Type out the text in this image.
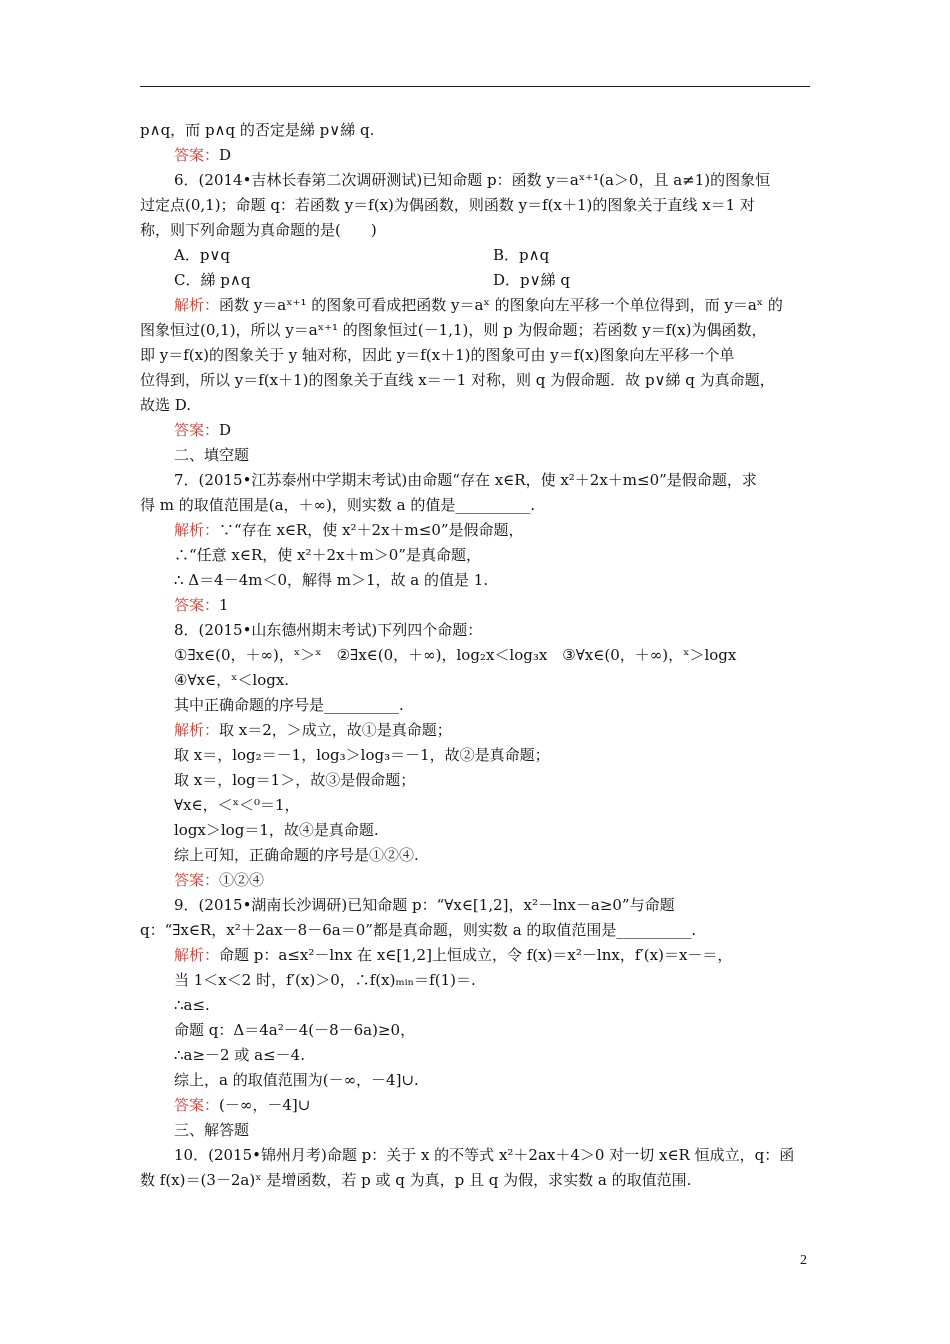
p∧q，而 p∧q 的否定是綈 p∨綈 q.
答案：D
6．(2014•吉林长春第二次调研测试)已知命题 p：函数 y＝aˣ⁺¹(a＞0，且 a≠1)的图象恒
过定点(0,1)；命题 q：若函数 y＝f(x)为偶函数，则函数 y＝f(x＋1)的图象关于直线 x＝1 对
称，则下列命题为真命题的是(　　)
A．p∨q	B．p∧q
C．綈 p∧q	D．p∨綈 q
解析：函数 y＝aˣ⁺¹ 的图象可看成把函数 y＝aˣ 的图象向左平移一个单位得到，而 y＝aˣ 的
图象恒过(0,1)，所以 y＝aˣ⁺¹ 的图象恒过(－1,1)，则 p 为假命题；若函数 y＝f(x)为偶函数，
即 y＝f(x)的图象关于 y 轴对称，因此 y＝f(x＋1)的图象可由 y＝f(x)图象向左平移一个单
位得到，所以 y＝f(x＋1)的图象关于直线 x＝－1 对称，则 q 为假命题．故 p∨綈 q 为真命题，
故选 D.
答案：D
二、填空题
7．(2015•江苏泰州中学期末考试)由命题“存在 x∈R，使 x²＋2x＋m≤0”是假命题，求
得 m 的取值范围是(a，＋∞)，则实数 a 的值是__________.
解析：∵“存在 x∈R，使 x²＋2x＋m≤0”是假命题，
∴“任意 x∈R，使 x²＋2x＋m＞0”是真命题，
∴ Δ＝4－4m＜0，解得 m＞1，故 a 的值是 1.
答案：1
8．(2015•山东德州期末考试)下列四个命题：
①∃x∈(0，＋∞)，ˣ＞ˣ　②∃x∈(0，＋∞)，log₂x＜log₃x　③∀x∈(0，＋∞)，ˣ＞logx
④∀x∈，ˣ＜logx.
其中正确命题的序号是__________.
解析：取 x＝2，＞成立，故①是真命题；
取 x＝，log₂＝－1，log₃＞log₃＝－1，故②是真命题；
取 x＝，log＝1＞，故③是假命题；
∀x∈，＜ˣ＜⁰＝1，
logx＞log＝1，故④是真命题.
综上可知，正确命题的序号是①②④.
答案：①②④
9．(2015•湖南长沙调研)已知命题 p：“∀x∈[1,2]，x²－lnx－a≥0”与命题
q：“∃x∈R，x²＋2ax－8－6a＝0”都是真命题，则实数 a 的取值范围是__________.
解析：命题 p：a≤x²－lnx 在 x∈[1,2]上恒成立，令 f(x)＝x²－lnx，f′(x)＝x－＝，
当 1＜x＜2 时，f′(x)＞0，∴f(x)ₘᵢₙ＝f(1)＝.
∴a≤.
命题 q：Δ＝4a²－4(－8－6a)≥0，
∴a≥－2 或 a≤－4.
综上，a 的取值范围为(－∞，－4]∪.
答案：(－∞，－4]∪
三、解答题
10．(2015•锦州月考)命题 p：关于 x 的不等式 x²＋2ax＋4＞0 对一切 x∈R 恒成立，q：函
数 f(x)＝(3－2a)ˣ 是增函数，若 p 或 q 为真，p 且 q 为假，求实数 a 的取值范围.
2
